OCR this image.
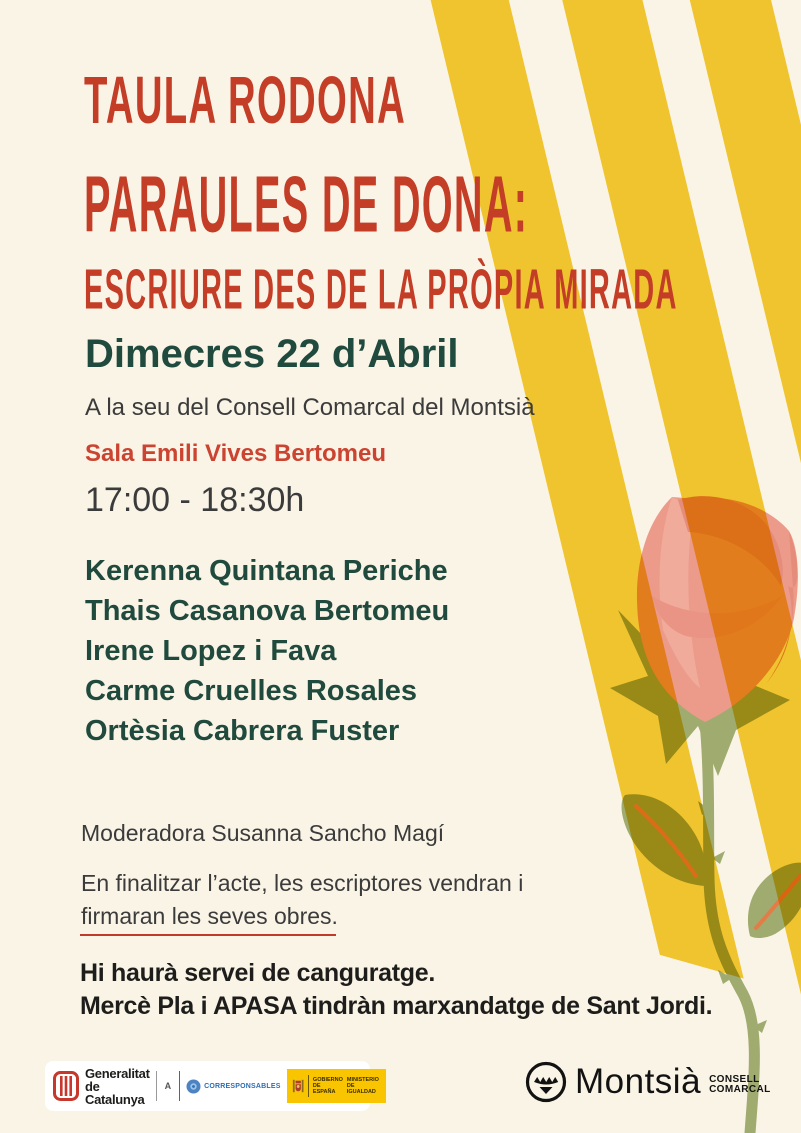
TAULA RODONA
PARAULES DE DONA:
ESCRIURE DES DE LA PRÒPIA MIRADA
Dimecres 22 d’Abril
A la seu del Consell Comarcal del Montsià
Sala Emili Vives Bertomeu
17:00 - 18:30h
Kerenna Quintana Periche
Thais Casanova Bertomeu
Irene Lopez i Fava
Carme Cruelles Rosales
Ortèsia Cabrera Fuster
Moderadora Susanna Sancho Magí
En finalitzar l’acte, les escriptores vendran i
firmaran les seves obres.
Hi haurà servei de canguratge.
Mercè Pla i APASA tindràn marxandatge de Sant Jordi.
Generalitat
de Catalunya
A	CORRESPONSABLES
GOBIERNO
DE ESPAÑA
MINISTERIO
DE IGUALDAD	Montsià CONSELL
COMARCAL
